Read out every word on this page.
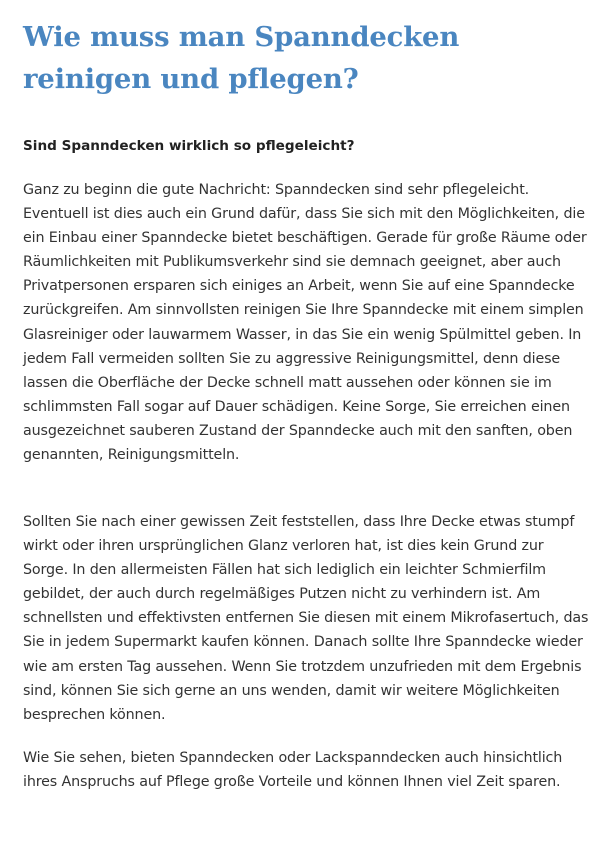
Wie muss man Spanndecken reinigen und pflegen?
Sind Spanndecken wirklich so pflegeleicht?

Ganz zu beginn die gute Nachricht: Spanndecken sind sehr pflegeleicht. Eventuell ist dies auch ein Grund dafür, dass Sie sich mit den Möglichkeiten, die ein Einbau einer Spanndecke bietet beschäftigen. Gerade für große Räume oder Räumlichkeiten mit Publikumsverkehr sind sie demnach geeignet, aber auch Privatpersonen ersparen sich einiges an Arbeit, wenn Sie auf eine Spanndecke zurückgreifen. Am sinnvollsten reinigen Sie Ihre Spanndecke mit einem simplen Glasreiniger oder lauwarmem Wasser, in das Sie ein wenig Spülmittel geben. In jedem Fall vermeiden sollten Sie zu aggressive Reinigungsmittel, denn diese lassen die Oberfläche der Decke schnell matt aussehen oder können sie im schlimmsten Fall sogar auf Dauer schädigen. Keine Sorge, Sie erreichen einen ausgezeichnet sauberen Zustand der Spanndecke auch mit den sanften, oben genannten, Reinigungsmitteln.

Sollten Sie nach einer gewissen Zeit feststellen, dass Ihre Decke etwas stumpf wirkt oder ihren ursprünglichen Glanz verloren hat, ist dies kein Grund zur Sorge. In den allermeisten Fällen hat sich lediglich ein leichter Schmierfilm gebildet, der auch durch regelmäßiges Putzen nicht zu verhindern ist. Am schnellsten und effektivsten entfernen Sie diesen mit einem Mikrofasertuch, das Sie in jedem Supermarkt kaufen können. Danach sollte Ihre Spanndecke wieder wie am ersten Tag aussehen. Wenn Sie trotzdem unzufrieden mit dem Ergebnis sind, können Sie sich gerne an uns wenden, damit wir weitere Möglichkeiten besprechen können.

Wie Sie sehen, bieten Spanndecken oder Lackspanndecken auch hinsichtlich ihres Anspruchs auf Pflege große Vorteile und können Ihnen viel Zeit sparen.
